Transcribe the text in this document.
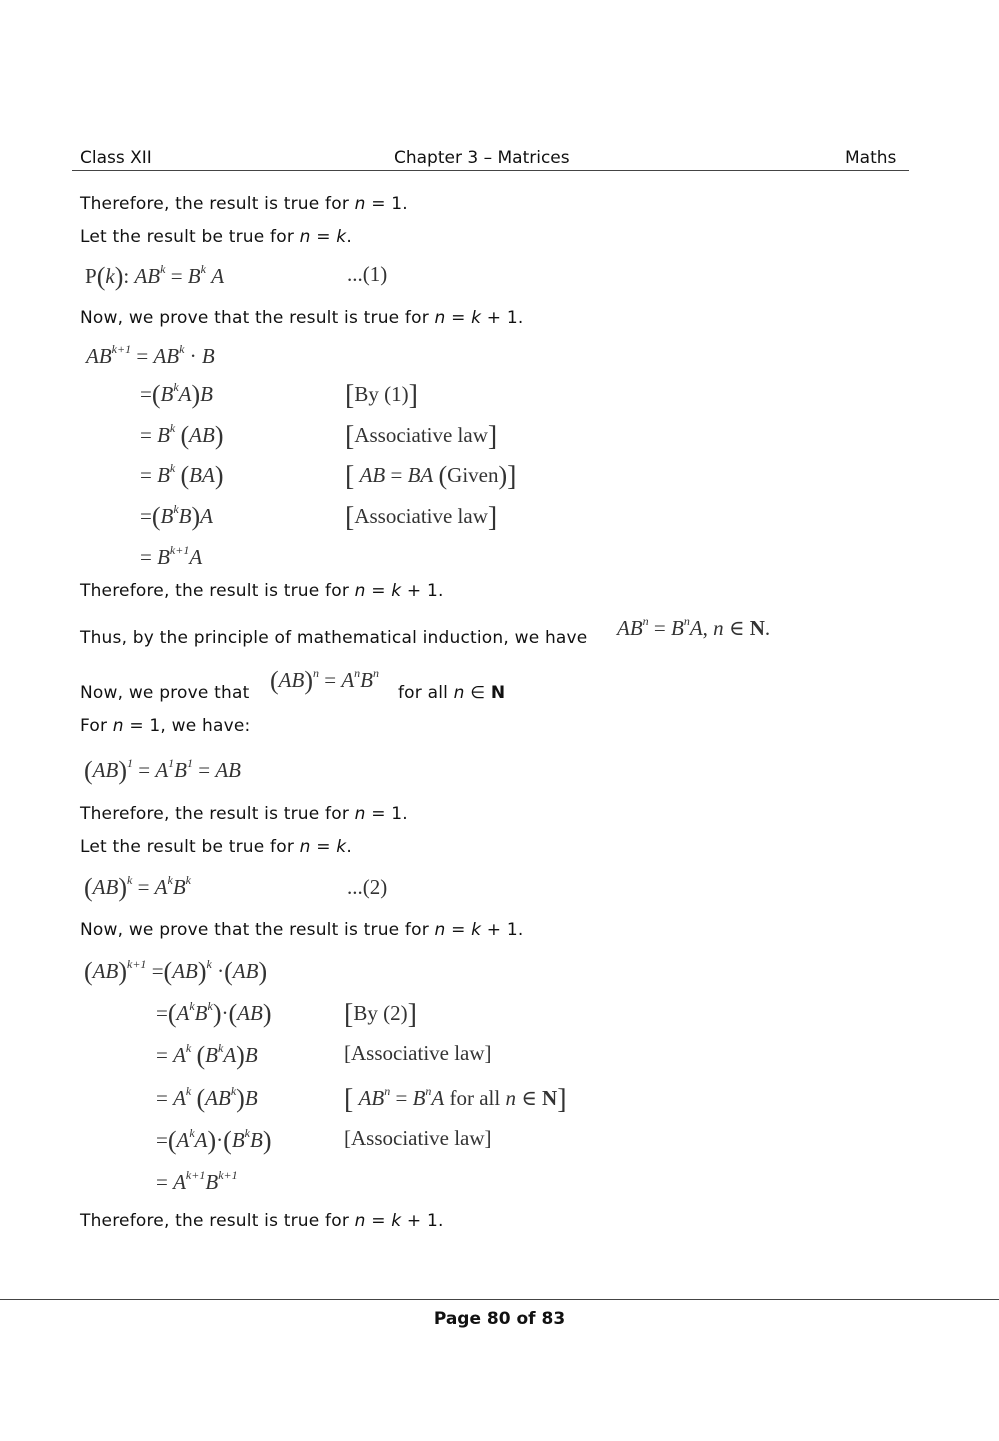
Class XII	Chapter 3 – Matrices	Maths
Therefore, the result is true for n = 1.
Let the result be true for n = k.
P(k): $AB^k = B^k$ A	...(1)
Now, we prove that the result is true for n = k + 1.
$AB^{k+1} = AB^k \cdot B$
$=(B^kA)B$	[By (1)]
= $B^k$ (AB)	[Associative law]
= $B^k$ (BA)	[ AB = BA (Given)]
$=(B^kB)A$	[Associative law]
= $B^{k+1}A$
Therefore, the result is true for n = k + 1.
Thus, by the principle of mathematical induction, we have $AB^n = B^nA$, n ∈ N.
Now, we prove that $(AB)^n = A^nB^n$
for all n ∈ N
For n = 1, we have:
$(AB)^1 = A^1B^1$ = AB
Therefore, the result is true for n = 1.
Let the result be true for n = k.
$(AB)^k = A^kB^k$	...(2)
Now, we prove that the result is true for n = k + 1.
(AB)$^{k+1}$ =(AB)$^k$ ·(AB)
$=(A^kB^k)\cdot(AB)$	[By (2)]
= $A^k$ $(B^kA)B$	[Associative law]
= $A^k$ $(AB^k)B$	[ $AB^n = B^nA$ for all n ∈ N]
$=(A^kA)\cdot(B^kB)$	[Associative law]
= $A^{k+1}B^{k+1}$
Therefore, the result is true for n = k + 1.
Page 80 of 83
